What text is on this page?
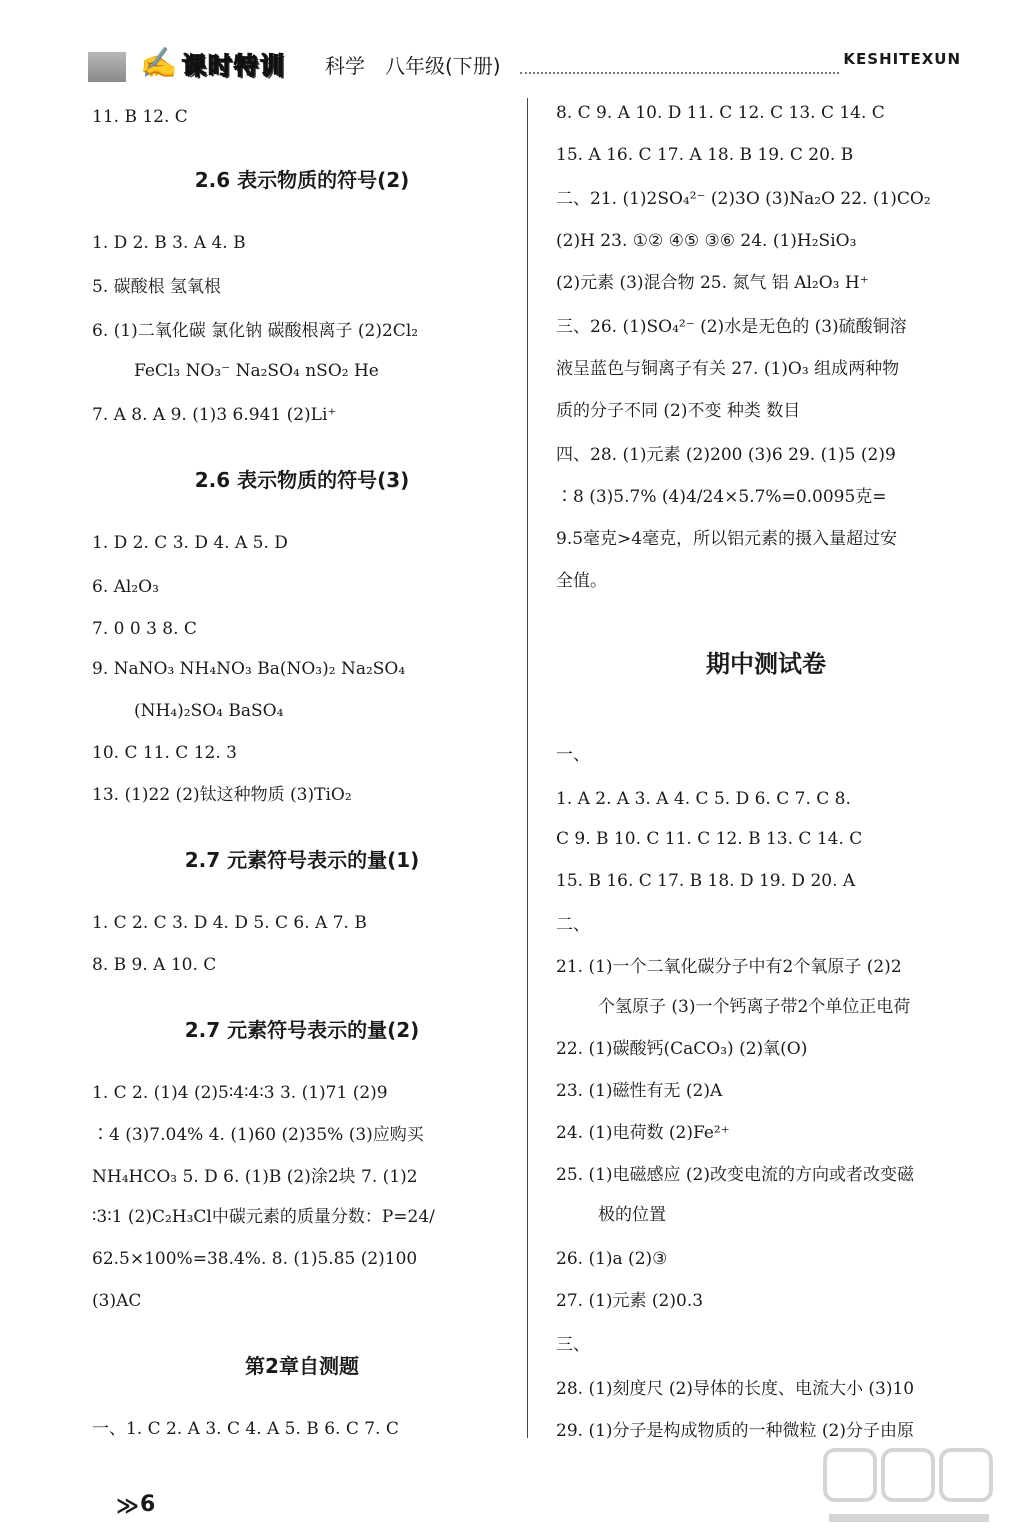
✍ 课时特训 科学 八年级(下册)	KESHITEXUN
11. B 12. C
2.6 表示物质的符号(2)
1. D 2. B 3. A 4. B
5. 碳酸根 氢氧根
6. (1)二氧化碳 氯化钠 碳酸根离子 (2)2Cl₂
FeCl₃ NO₃⁻ Na₂SO₄ nSO₂ He
7. A 8. A 9. (1)3 6.941 (2)Li⁺
2.6 表示物质的符号(3)
1. D 2. C 3. D 4. A 5. D
6. Al₂O₃
7. 0 0 3 8. C
9. NaNO₃ NH₄NO₃ Ba(NO₃)₂ Na₂SO₄
(NH₄)₂SO₄ BaSO₄
10. C 11. C 12. 3
13. (1)22 (2)钛这种物质 (3)TiO₂
2.7 元素符号表示的量(1)
1. C 2. C 3. D 4. D 5. C 6. A 7. B
8. B 9. A 10. C
2.7 元素符号表示的量(2)
1. C 2. (1)4 (2)5∶4∶4∶3 3. (1)71 (2)9
∶4 (3)7.04% 4. (1)60 (2)35% (3)应购买
NH₄HCO₃ 5. D 6. (1)B (2)涂2块 7. (1)2
∶3∶1 (2)C₂H₃Cl中碳元素的质量分数：P=24/
62.5×100%=38.4%. 8. (1)5.85 (2)100
(3)AC
第2章自测题
一、1. C 2. A 3. C 4. A 5. B 6. C 7. C
8. C 9. A 10. D 11. C 12. C 13. C 14. C
15. A 16. C 17. A 18. B 19. C 20. B
二、21. (1)2SO₄²⁻ (2)3O (3)Na₂O 22. (1)CO₂
(2)H 23. ①② ④⑤ ③⑥ 24. (1)H₂SiO₃
(2)元素 (3)混合物 25. 氮气 铝 Al₂O₃ H⁺
三、26. (1)SO₄²⁻ (2)水是无色的 (3)硫酸铜溶
液呈蓝色与铜离子有关 27. (1)O₃ 组成两种物
质的分子不同 (2)不变 种类 数目
四、28. (1)元素 (2)200 (3)6 29. (1)5 (2)9
∶8 (3)5.7% (4)4/24×5.7%=0.0095克=
9.5毫克>4毫克，所以铝元素的摄入量超过安
全值。
期中测试卷
一、
1. A 2. A 3. A 4. C 5. D 6. C 7. C 8.
C 9. B 10. C 11. C 12. B 13. C 14. C
15. B 16. C 17. B 18. D 19. D 20. A
二、
21. (1)一个二氧化碳分子中有2个氧原子 (2)2
个氢原子 (3)一个钙离子带2个单位正电荷
22. (1)碳酸钙(CaCO₃) (2)氧(O)
23. (1)磁性有无 (2)A
24. (1)电荷数 (2)Fe²⁺
25. (1)电磁感应 (2)改变电流的方向或者改变磁
极的位置
26. (1)a (2)③
27. (1)元素 (2)0.3
三、
28. (1)刻度尺 (2)导体的长度、电流大小 (3)10
29. (1)分子是构成物质的一种微粒 (2)分子由原
≫ 6
